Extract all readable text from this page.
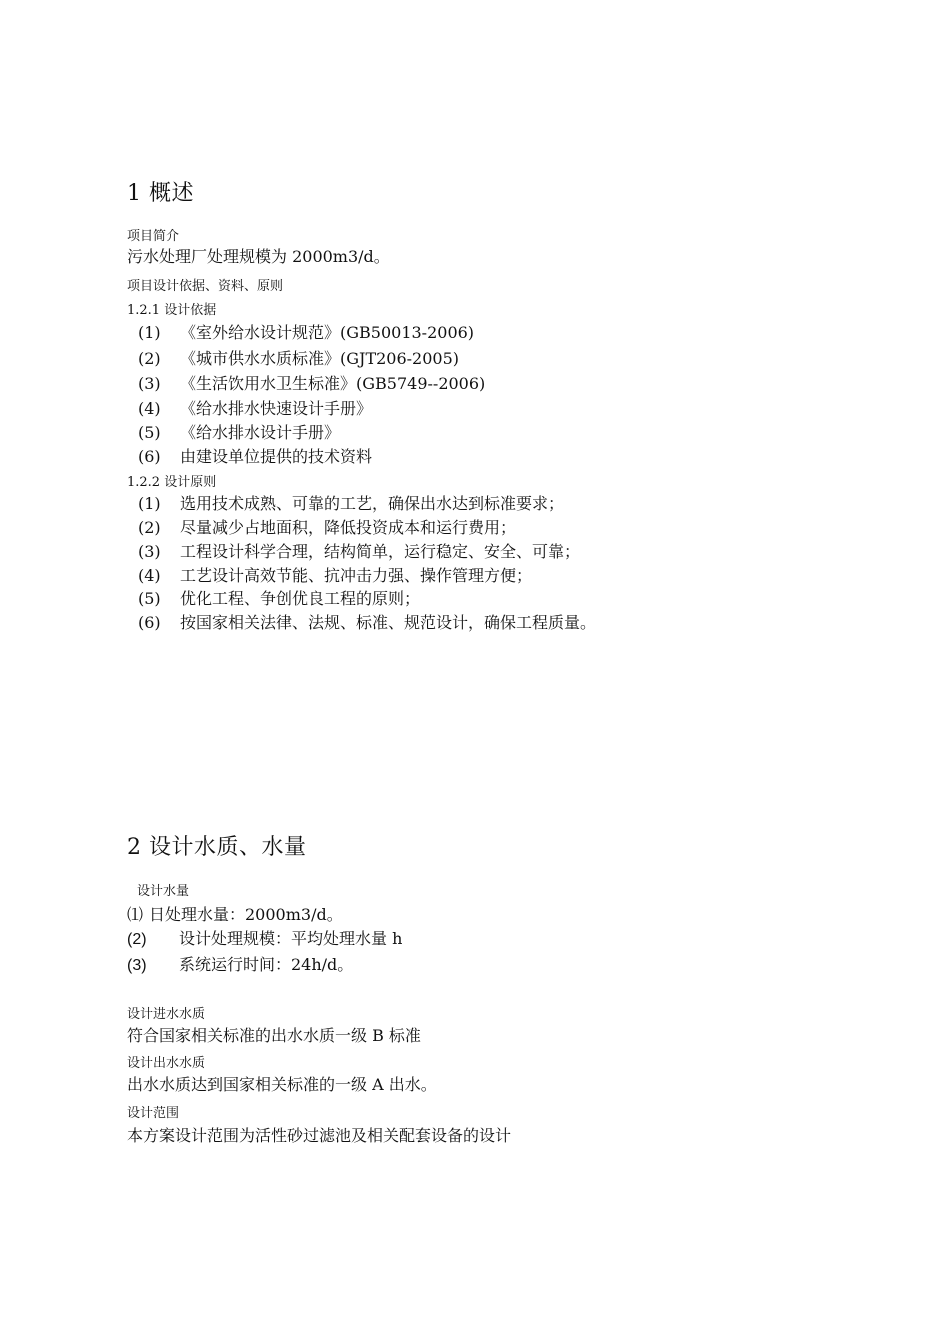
1 概述
项目简介
污水处理厂处理规模为 2000m3/d。
项目设计依据、资料、原则
1.2.1 设计依据
(1) 《室外给水设计规范》(GB50013-2006)
(2) 《城市供水水质标准》(GJT206-2005)
(3) 《生活饮用水卫生标准》(GB5749--2006)
(4) 《给水排水快速设计手册》
(5) 《给水排水设计手册》
(6) 由建设单位提供的技术资料
1.2.2 设计原则
(1) 选用技术成熟、可靠的工艺，确保出水达到标准要求；
(2) 尽量减少占地面积，降低投资成本和运行费用；
(3) 工程设计科学合理，结构简单，运行稳定、安全、可靠；
(4) 工艺设计高效节能、抗冲击力强、操作管理方便；
(5) 优化工程、争创优良工程的原则；
(6) 按国家相关法律、法规、标准、规范设计，确保工程质量。
2 设计水质、水量
设计水量
⑴ 日处理水量：2000m3/d。
(2) 设计处理规模：平均处理水量 h
(3) 系统运行时间：24h/d。
设计进水水质
符合国家相关标准的出水水质一级 B 标准
设计出水水质
出水水质达到国家相关标准的一级 A 出水。
设计范围
本方案设计范围为活性砂过滤池及相关配套设备的设计
